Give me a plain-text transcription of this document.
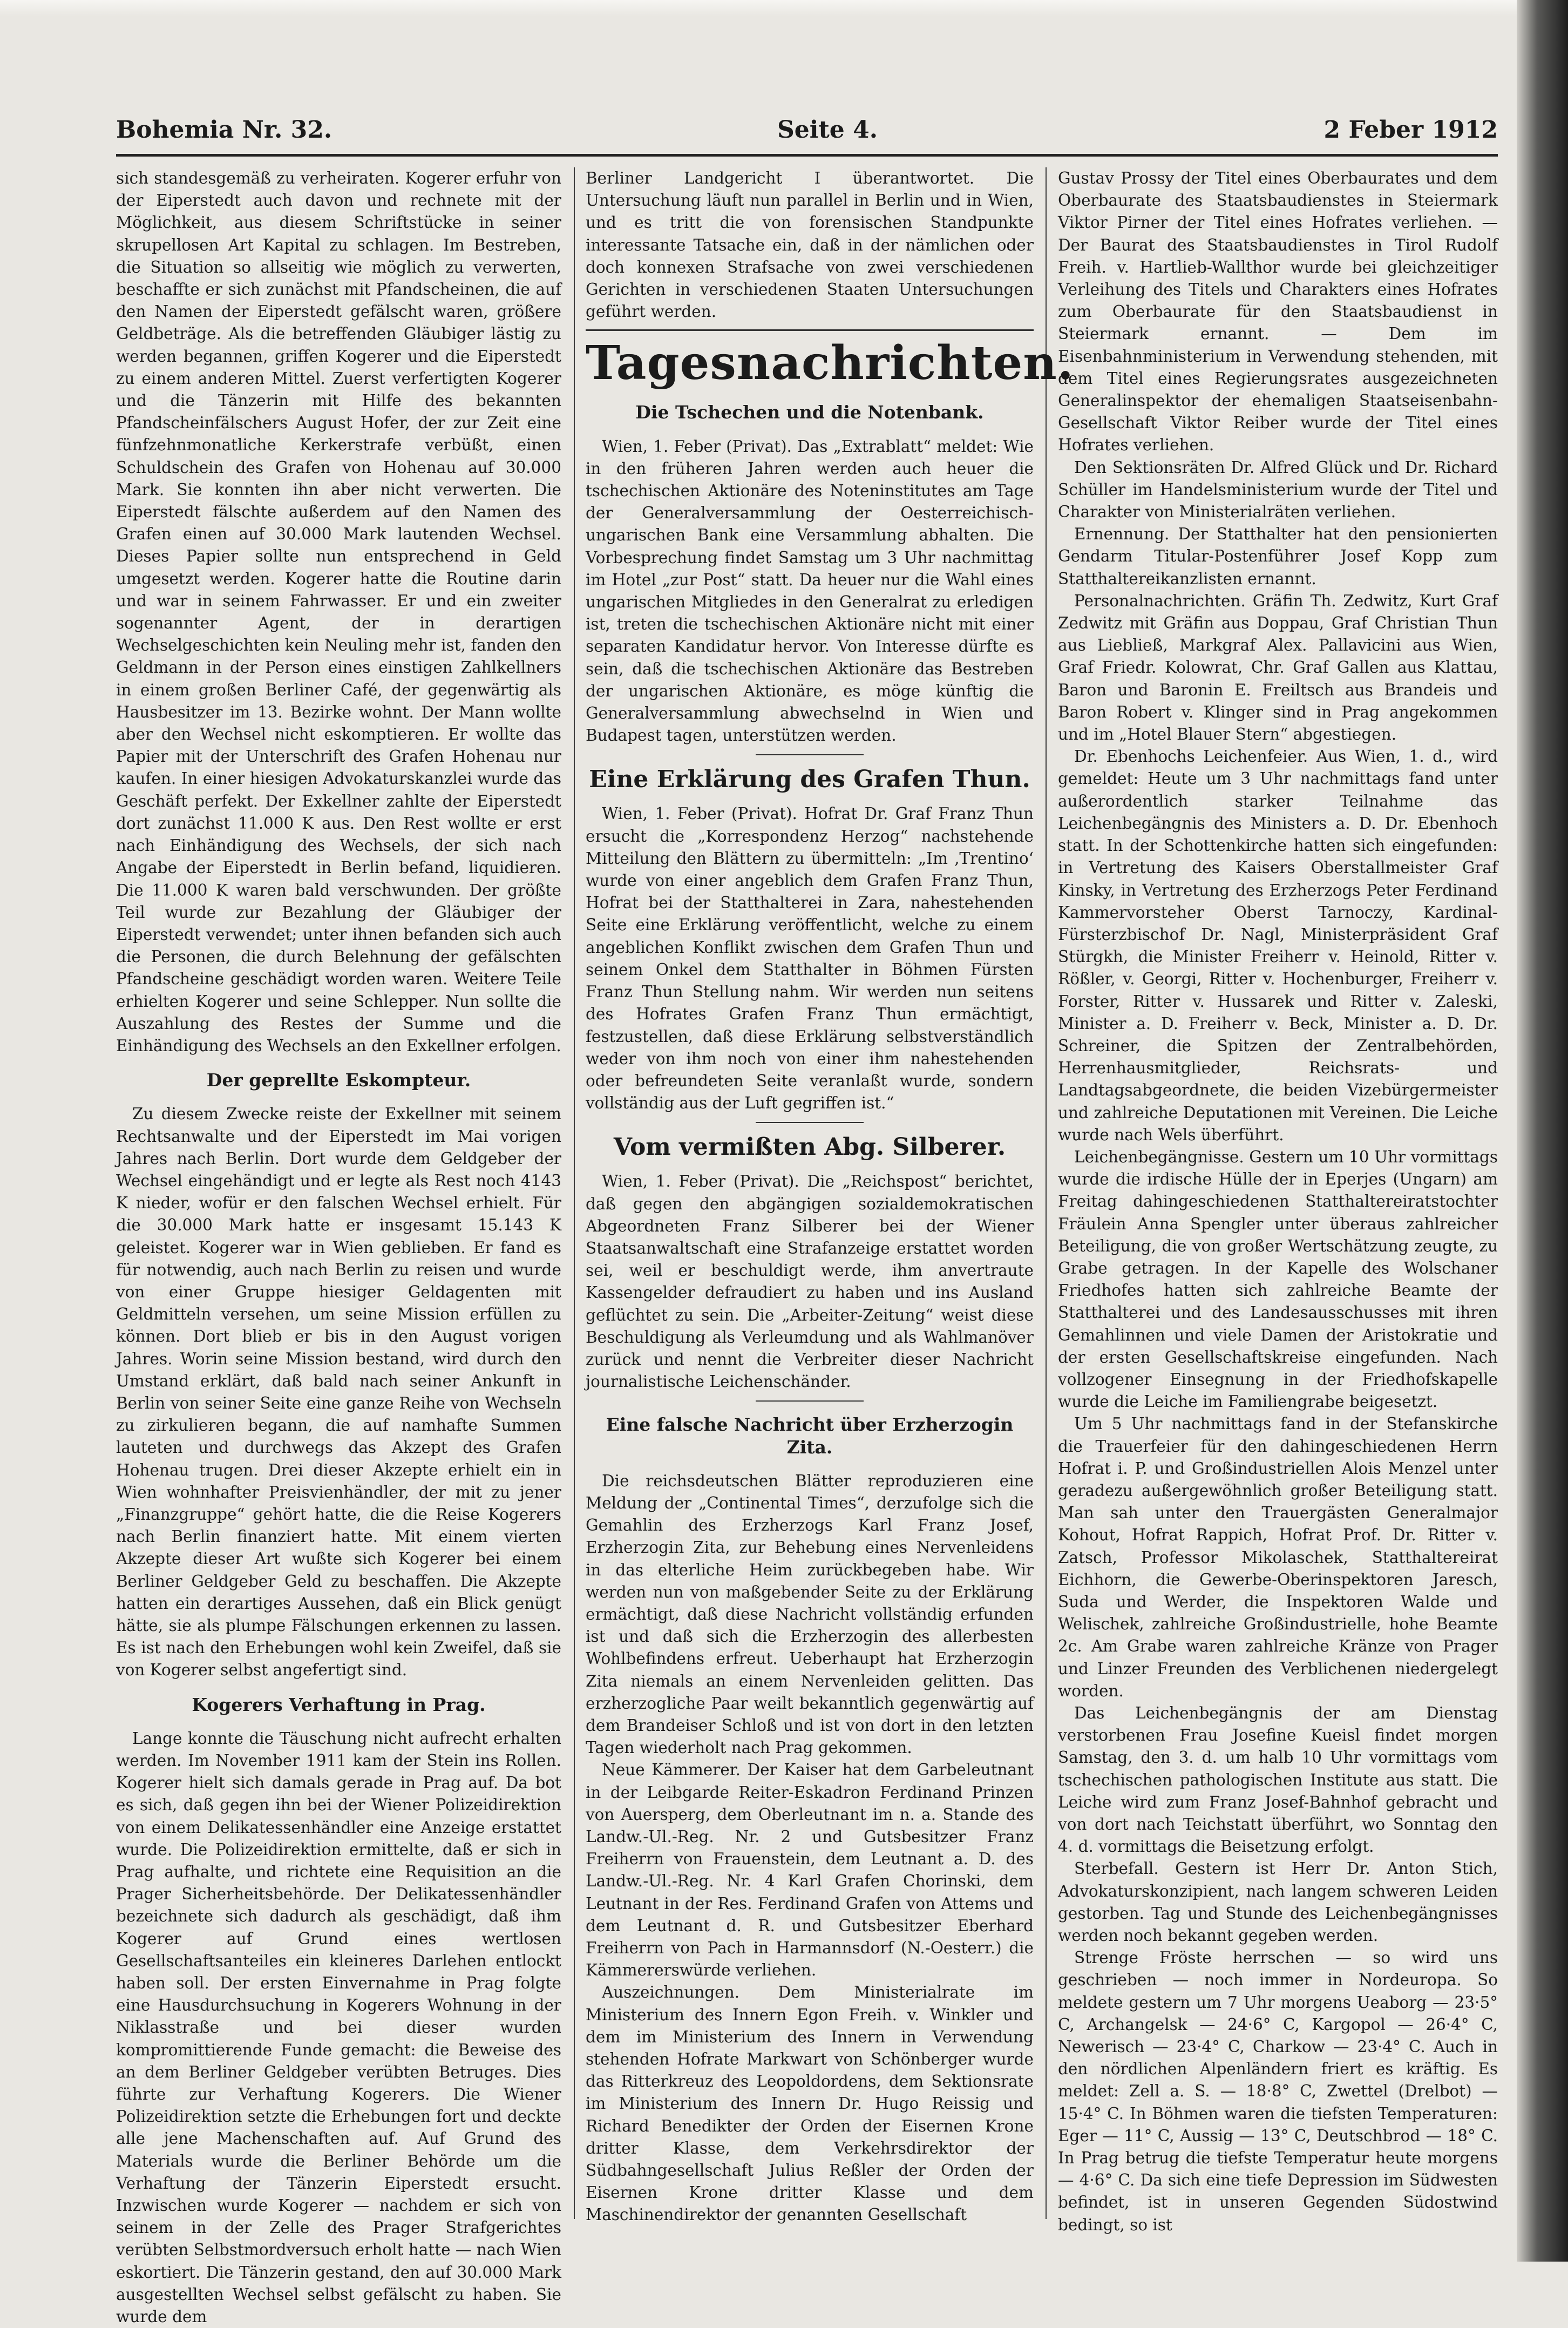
Bohemia Nr. 32.	Seite 4.	2 Feber 1912

sich standesgemäß zu verheiraten. Kogerer erfuhr von der Eiperstedt auch davon und rechnete mit der Möglichkeit, aus diesem Schriftstücke in seiner skrupellosen Art Kapital zu schlagen. Im Bestreben, die Situation so allseitig wie möglich zu verwerten, beschaffte er sich zunächst mit Pfandscheinen, die auf den Namen der Eiperstedt gefälscht waren, größere Geldbeträge. Als die betreffenden Gläubiger lästig zu werden begannen, griffen Kogerer und die Eiperstedt zu einem anderen Mittel. Zuerst verfertigten Kogerer und die Tänzerin mit Hilfe des bekannten Pfandscheinfälschers August Hofer, der zur Zeit eine fünfzehnmonatliche Kerkerstrafe verbüßt, einen Schuldschein des Grafen von Hohenau auf 30.000 Mark. Sie konnten ihn aber nicht verwerten. Die Eiperstedt fälschte außerdem auf den Namen des Grafen einen auf 30.000 Mark lautenden Wechsel. Dieses Papier sollte nun entsprechend in Geld umgesetzt werden. Kogerer hatte die Routine darin und war in seinem Fahrwasser. Er und ein zweiter sogenannter Agent, der in derartigen Wechselgeschichten kein Neuling mehr ist, fanden den Geldmann in der Person eines einstigen Zahlkellners in einem großen Berliner Café, der gegenwärtig als Hausbesitzer im 13. Bezirke wohnt. Der Mann wollte aber den Wechsel nicht eskomptieren. Er wollte das Papier mit der Unterschrift des Grafen Hohenau nur kaufen. In einer hiesigen Advokaturskanzlei wurde das Geschäft perfekt. Der Exkellner zahlte der Eiperstedt dort zunächst 11.000 K aus. Den Rest wollte er erst nach Einhändigung des Wechsels, der sich nach Angabe der Eiperstedt in Berlin befand, liquidieren. Die 11.000 K waren bald verschwunden. Der größte Teil wurde zur Bezahlung der Gläubiger der Eiperstedt verwendet; unter ihnen befanden sich auch die Personen, die durch Belehnung der gefälschten Pfandscheine geschädigt worden waren. Weitere Teile erhielten Kogerer und seine Schlepper. Nun sollte die Auszahlung des Restes der Summe und die Einhändigung des Wechsels an den Exkellner erfolgen.

Der geprellte Eskompteur.

Zu diesem Zwecke reiste der Exkellner mit seinem Rechtsanwalte und der Eiperstedt im Mai vorigen Jahres nach Berlin. Dort wurde dem Geldgeber der Wechsel eingehändigt und er legte als Rest noch 4143 K nieder, wofür er den falschen Wechsel erhielt. Für die 30.000 Mark hatte er insgesamt 15.143 K geleistet. Kogerer war in Wien geblieben. Er fand es für notwendig, auch nach Berlin zu reisen und wurde von einer Gruppe hiesiger Geldagenten mit Geldmitteln versehen, um seine Mission erfüllen zu können. Dort blieb er bis in den August vorigen Jahres. Worin seine Mission bestand, wird durch den Umstand erklärt, daß bald nach seiner Ankunft in Berlin von seiner Seite eine ganze Reihe von Wechseln zu zirkulieren begann, die auf namhafte Summen lauteten und durchwegs das Akzept des Grafen Hohenau trugen. Drei dieser Akzepte erhielt ein in Wien wohnhafter Preisvienhändler, der mit zu jener „Finanzgruppe“ gehört hatte, die die Reise Kogerers nach Berlin finanziert hatte. Mit einem vierten Akzepte dieser Art wußte sich Kogerer bei einem Berliner Geldgeber Geld zu beschaffen. Die Akzepte hatten ein derartiges Aussehen, daß ein Blick genügt hätte, sie als plumpe Fälschungen erkennen zu lassen. Es ist nach den Erhebungen wohl kein Zweifel, daß sie von Kogerer selbst angefertigt sind.

Kogerers Verhaftung in Prag.

Lange konnte die Täuschung nicht aufrecht erhalten werden. Im November 1911 kam der Stein ins Rollen. Kogerer hielt sich damals gerade in Prag auf. Da bot es sich, daß gegen ihn bei der Wiener Polizeidirektion von einem Delikatessenhändler eine Anzeige erstattet wurde. Die Polizeidirektion ermittelte, daß er sich in Prag aufhalte, und richtete eine Requisition an die Prager Sicherheitsbehörde. Der Delikatessenhändler bezeichnete sich dadurch als geschädigt, daß ihm Kogerer auf Grund eines wertlosen Gesellschaftsanteiles ein kleineres Darlehen entlockt haben soll. Der ersten Einvernahme in Prag folgte eine Hausdurchsuchung in Kogerers Wohnung in der Niklasstraße und bei dieser wurden kompromittierende Funde gemacht: die Beweise des an dem Berliner Geldgeber verübten Betruges. Dies führte zur Verhaftung Kogerers. Die Wiener Polizeidirektion setzte die Erhebungen fort und deckte alle jene Machenschaften auf. Auf Grund des Materials wurde die Berliner Behörde um die Verhaftung der Tänzerin Eiperstedt ersucht. Inzwischen wurde Kogerer — nachdem er sich von seinem in der Zelle des Prager Strafgerichtes verübten Selbstmordversuch erholt hatte — nach Wien eskortiert. Die Tänzerin gestand, den auf 30.000 Mark ausgestellten Wechsel selbst gefälscht zu haben. Sie wurde dem

Berliner Landgericht I überantwortet. Die Untersuchung läuft nun parallel in Berlin und in Wien, und es tritt die von forensischen Standpunkte interessante Tatsache ein, daß in der nämlichen oder doch konnexen Strafsache von zwei verschiedenen Gerichten in verschiedenen Staaten Untersuchungen geführt werden.

Tagesnachrichten.
Die Tschechen und die Notenbank.

Wien, 1. Feber (Privat). Das „Extrablatt“ meldet: Wie in den früheren Jahren werden auch heuer die tschechischen Aktionäre des Noteninstitutes am Tage der Generalversammlung der Oesterreichisch-ungarischen Bank eine Versammlung abhalten. Die Vorbesprechung findet Samstag um 3 Uhr nachmittag im Hotel „zur Post“ statt. Da heuer nur die Wahl eines ungarischen Mitgliedes in den Generalrat zu erledigen ist, treten die tschechischen Aktionäre nicht mit einer separaten Kandidatur hervor. Von Interesse dürfte es sein, daß die tschechischen Aktionäre das Bestreben der ungarischen Aktionäre, es möge künftig die Generalversammlung abwechselnd in Wien und Budapest tagen, unterstützen werden.

Eine Erklärung des Grafen Thun.

Wien, 1. Feber (Privat). Hofrat Dr. Graf Franz Thun ersucht die „Korrespondenz Herzog“ nachstehende Mitteilung den Blättern zu übermitteln: „Im ‚Trentino‘ wurde von einer angeblich dem Grafen Franz Thun, Hofrat bei der Statthalterei in Zara, nahestehenden Seite eine Erklärung veröffentlicht, welche zu einem angeblichen Konflikt zwischen dem Grafen Thun und seinem Onkel dem Statthalter in Böhmen Fürsten Franz Thun Stellung nahm. Wir werden nun seitens des Hofrates Grafen Franz Thun ermächtigt, festzustellen, daß diese Erklärung selbstverständlich weder von ihm noch von einer ihm nahestehenden oder befreundeten Seite veranlaßt wurde, sondern vollständig aus der Luft gegriffen ist.“

Vom vermißten Abg. Silberer.

Wien, 1. Feber (Privat). Die „Reichspost“ berichtet, daß gegen den abgängigen sozialdemokratischen Abgeordneten Franz Silberer bei der Wiener Staatsanwaltschaft eine Strafanzeige erstattet worden sei, weil er beschuldigt werde, ihm anvertraute Kassengelder defraudiert zu haben und ins Ausland geflüchtet zu sein. Die „Arbeiter-Zeitung“ weist diese Beschuldigung als Verleumdung und als Wahlmanöver zurück und nennt die Verbreiter dieser Nachricht journalistische Leichenschänder.

Eine falsche Nachricht über Erzherzogin Zita.

Die reichsdeutschen Blätter reproduzieren eine Meldung der „Continental Times“, derzufolge sich die Gemahlin des Erzherzogs Karl Franz Josef, Erzherzogin Zita, zur Behebung eines Nervenleidens in das elterliche Heim zurückbegeben habe. Wir werden nun von maßgebender Seite zu der Erklärung ermächtigt, daß diese Nachricht vollständig erfunden ist und daß sich die Erzherzogin des allerbesten Wohlbefindens erfreut. Ueberhaupt hat Erzherzogin Zita niemals an einem Nervenleiden gelitten. Das erzherzogliche Paar weilt bekanntlich gegenwärtig auf dem Brandeiser Schloß und ist von dort in den letzten Tagen wiederholt nach Prag gekommen.

Neue Kämmerer. Der Kaiser hat dem Garbeleutnant in der Leibgarde Reiter-Eskadron Ferdinand Prinzen von Auersperg, dem Oberleutnant im n. a. Stande des Landw.-Ul.-Reg. Nr. 2 und Gutsbesitzer Franz Freiherrn von Frauenstein, dem Leutnant a. D. des Landw.-Ul.-Reg. Nr. 4 Karl Grafen Chorinski, dem Leutnant in der Res. Ferdinand Grafen von Attems und dem Leutnant d. R. und Gutsbesitzer Eberhard Freiherrn von Pach in Harmannsdorf (N.-Oesterr.) die Kämmererswürde verliehen.

Auszeichnungen. Dem Ministerialrate im Ministerium des Innern Egon Freih. v. Winkler und dem im Ministerium des Innern in Verwendung stehenden Hofrate Markwart von Schönberger wurde das Ritterkreuz des Leopoldordens, dem Sektionsrate im Ministerium des Innern Dr. Hugo Reissig und Richard Benedikter der Orden der Eisernen Krone dritter Klasse, dem Verkehrsdirektor der Südbahngesellschaft Julius Reßler der Orden der Eisernen Krone dritter Klasse und dem Maschinendirektor der genannten Gesellschaft

Gustav Prossy der Titel eines Oberbaurates und dem Oberbaurate des Staatsbaudienstes in Steiermark Viktor Pirner der Titel eines Hofrates verliehen. — Der Baurat des Staatsbaudienstes in Tirol Rudolf Freih. v. Hartlieb-Wallthor wurde bei gleichzeitiger Verleihung des Titels und Charakters eines Hofrates zum Oberbaurate für den Staatsbaudienst in Steiermark ernannt. — Dem im Eisenbahnministerium in Verwendung stehenden, mit dem Titel eines Regierungsrates ausgezeichneten Generalinspektor der ehemaligen Staatseisenbahn-Gesellschaft Viktor Reiber wurde der Titel eines Hofrates verliehen.

Den Sektionsräten Dr. Alfred Glück und Dr. Richard Schüller im Handelsministerium wurde der Titel und Charakter von Ministerialräten verliehen.

Ernennung. Der Statthalter hat den pensionierten Gendarm Titular-Postenführer Josef Kopp zum Statthaltereikanzlisten ernannt.

Personalnachrichten. Gräfin Th. Zedwitz, Kurt Graf Zedwitz mit Gräfin aus Doppau, Graf Christian Thun aus Liebließ, Markgraf Alex. Pallavicini aus Wien, Graf Friedr. Kolowrat, Chr. Graf Gallen aus Klattau, Baron und Baronin E. Freiltsch aus Brandeis und Baron Robert v. Klinger sind in Prag angekommen und im „Hotel Blauer Stern“ abgestiegen.

Dr. Ebenhochs Leichenfeier. Aus Wien, 1. d., wird gemeldet: Heute um 3 Uhr nachmittags fand unter außerordentlich starker Teilnahme das Leichenbegängnis des Ministers a. D. Dr. Ebenhoch statt. In der Schottenkirche hatten sich eingefunden: in Vertretung des Kaisers Oberstallmeister Graf Kinsky, in Vertretung des Erzherzogs Peter Ferdinand Kammervorsteher Oberst Tarnoczy, Kardinal-Fürsterzbischof Dr. Nagl, Ministerpräsident Graf Stürgkh, die Minister Freiherr v. Heinold, Ritter v. Rößler, v. Georgi, Ritter v. Hochenburger, Freiherr v. Forster, Ritter v. Hussarek und Ritter v. Zaleski, Minister a. D. Freiherr v. Beck, Minister a. D. Dr. Schreiner, die Spitzen der Zentralbehörden, Herrenhausmitglieder, Reichsrats- und Landtagsabgeordnete, die beiden Vizebürgermeister und zahlreiche Deputationen mit Vereinen. Die Leiche wurde nach Wels überführt.

Leichenbegängnisse. Gestern um 10 Uhr vormittags wurde die irdische Hülle der in Eperjes (Ungarn) am Freitag dahingeschiedenen Statthaltereiratstochter Fräulein Anna Spengler unter überaus zahlreicher Beteiligung, die von großer Wertschätzung zeugte, zu Grabe getragen. In der Kapelle des Wolschaner Friedhofes hatten sich zahlreiche Beamte der Statthalterei und des Landesausschusses mit ihren Gemahlinnen und viele Damen der Aristokratie und der ersten Gesellschaftskreise eingefunden. Nach vollzogener Einsegnung in der Friedhofskapelle wurde die Leiche im Familiengrabe beigesetzt.

Um 5 Uhr nachmittags fand in der Stefanskirche die Trauerfeier für den dahingeschiedenen Herrn Hofrat i. P. und Großindustriellen Alois Menzel unter geradezu außergewöhnlich großer Beteiligung statt. Man sah unter den Trauergästen Generalmajor Kohout, Hofrat Rappich, Hofrat Prof. Dr. Ritter v. Zatsch, Professor Mikolaschek, Statthaltereirat Eichhorn, die Gewerbe-Oberinspektoren Jaresch, Suda und Werder, die Inspektoren Walde und Welischek, zahlreiche Großindustrielle, hohe Beamte 2c. Am Grabe waren zahlreiche Kränze von Prager und Linzer Freunden des Verblichenen niedergelegt worden.

Das Leichenbegängnis der am Dienstag verstorbenen Frau Josefine Kueisl findet morgen Samstag, den 3. d. um halb 10 Uhr vormittags vom tschechischen pathologischen Institute aus statt. Die Leiche wird zum Franz Josef-Bahnhof gebracht und von dort nach Teichstatt überführt, wo Sonntag den 4. d. vormittags die Beisetzung erfolgt.

Sterbefall. Gestern ist Herr Dr. Anton Stich, Advokaturskonzipient, nach langem schweren Leiden gestorben. Tag und Stunde des Leichenbegängnisses werden noch bekannt gegeben werden.

Strenge Fröste herrschen — so wird uns geschrieben — noch immer in Nordeuropa. So meldete gestern um 7 Uhr morgens Ueaborg — 23·5° C, Archangelsk — 24·6° C, Kargopol — 26·4° C, Newerisch — 23·4° C, Charkow — 23·4° C. Auch in den nördlichen Alpenländern friert es kräftig. Es meldet: Zell a. S. — 18·8° C, Zwettel (Drelbot) — 15·4° C. In Böhmen waren die tiefsten Temperaturen: Eger — 11° C, Aussig — 13° C, Deutschbrod — 18° C. In Prag betrug die tiefste Temperatur heute morgens — 4·6° C. Da sich eine tiefe Depression im Südwesten befindet, ist in unseren Gegenden Südostwind bedingt, so ist
